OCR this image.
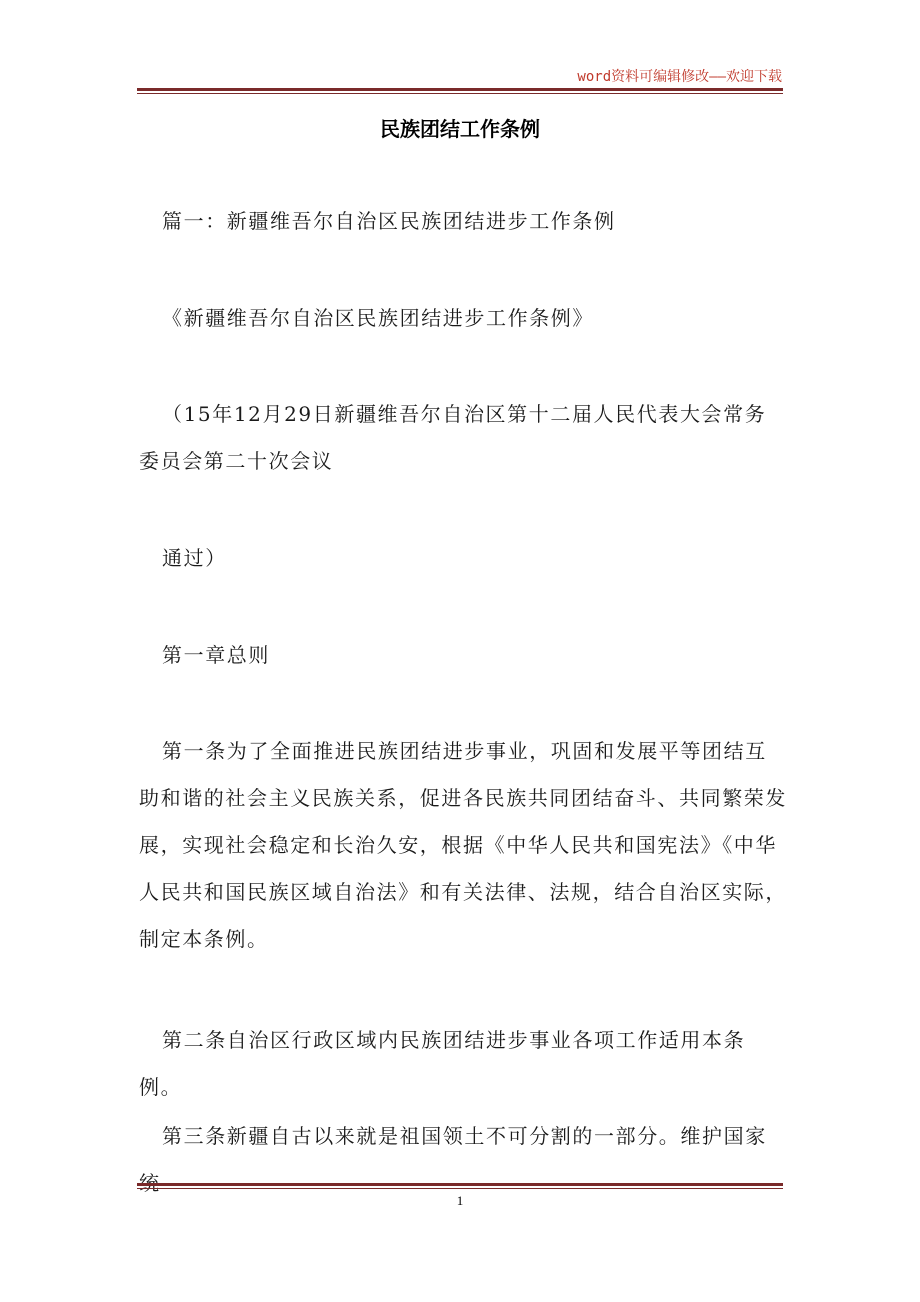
word资料可编辑修改——欢迎下载
民族团结工作条例
篇一：新疆维吾尔自治区民族团结进步工作条例
《新疆维吾尔自治区民族团结进步工作条例》
（15年12月29日新疆维吾尔自治区第十二届人民代表大会常务委员会第二十次会议
通过）
第一章总则
第一条为了全面推进民族团结进步事业，巩固和发展平等团结互助和谐的社会主义民族关系，促进各民族共同团结奋斗、共同繁荣发展，实现社会稳定和长治久安，根据《中华人民共和国宪法》《中华人民共和国民族区域自治法》和有关法律、法规，结合自治区实际，制定本条例。
第二条自治区行政区域内民族团结进步事业各项工作适用本条例。
第三条新疆自古以来就是祖国领土不可分割的一部分。维护国家统
1
